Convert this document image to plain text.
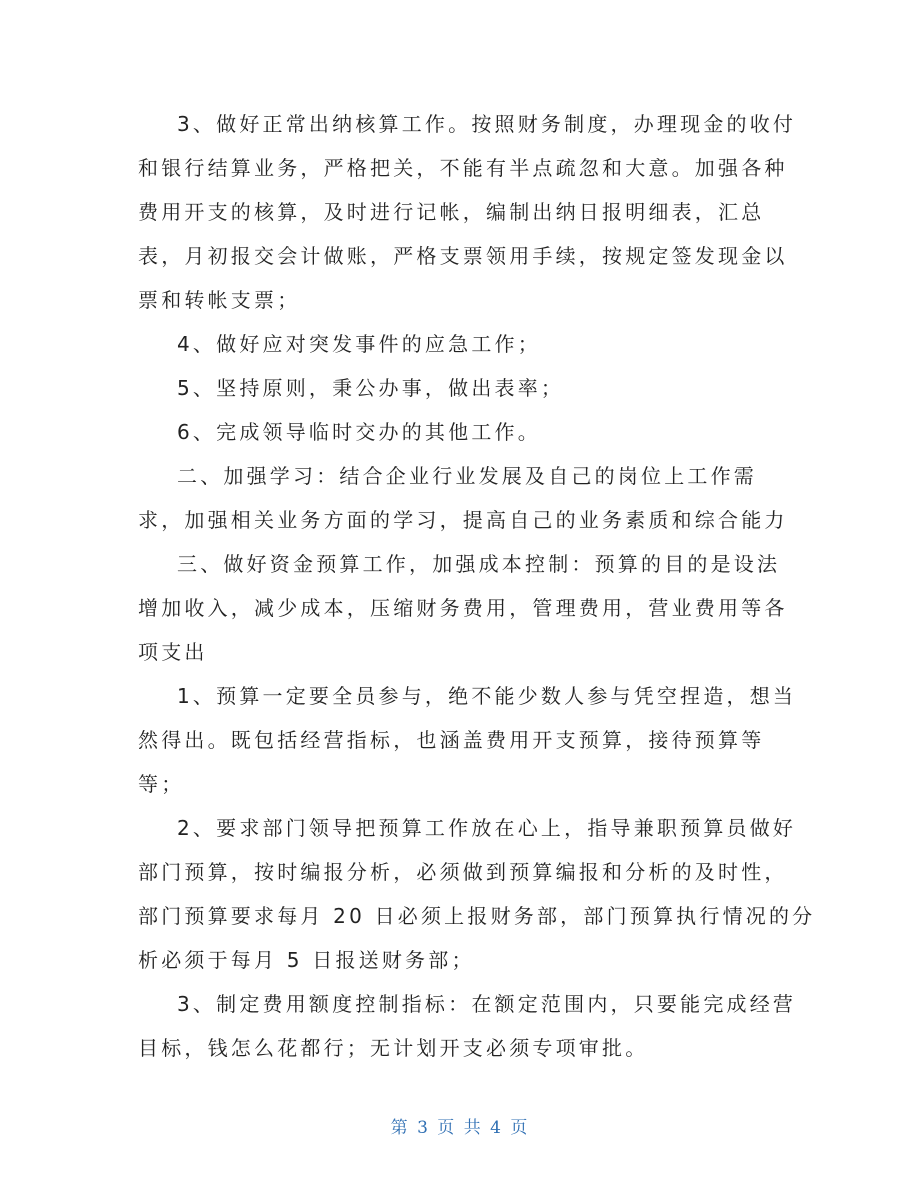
3、做好正常出纳核算工作。按照财务制度，办理现金的收付
和银行结算业务，严格把关，不能有半点疏忽和大意。加强各种
费用开支的核算，及时进行记帐，编制出纳日报明细表，汇总
表，月初报交会计做账，严格支票领用手续，按规定签发现金以
票和转帐支票；
4、做好应对突发事件的应急工作；
5、坚持原则，秉公办事，做出表率；
6、完成领导临时交办的其他工作。
二、加强学习：结合企业行业发展及自己的岗位上工作需
求，加强相关业务方面的学习，提高自己的业务素质和综合能力
三、做好资金预算工作，加强成本控制：预算的目的是设法
增加收入，减少成本，压缩财务费用，管理费用，营业费用等各
项支出
1、预算一定要全员参与，绝不能少数人参与凭空捏造，想当
然得出。既包括经营指标，也涵盖费用开支预算，接待预算等
等；
2、要求部门领导把预算工作放在心上，指导兼职预算员做好
部门预算，按时编报分析，必须做到预算编报和分析的及时性，
部门预算要求每月 20 日必须上报财务部，部门预算执行情况的分
析必须于每月 5 日报送财务部；
3、制定费用额度控制指标：在额定范围内，只要能完成经营
目标，钱怎么花都行；无计划开支必须专项审批。
第 3 页 共 4 页
